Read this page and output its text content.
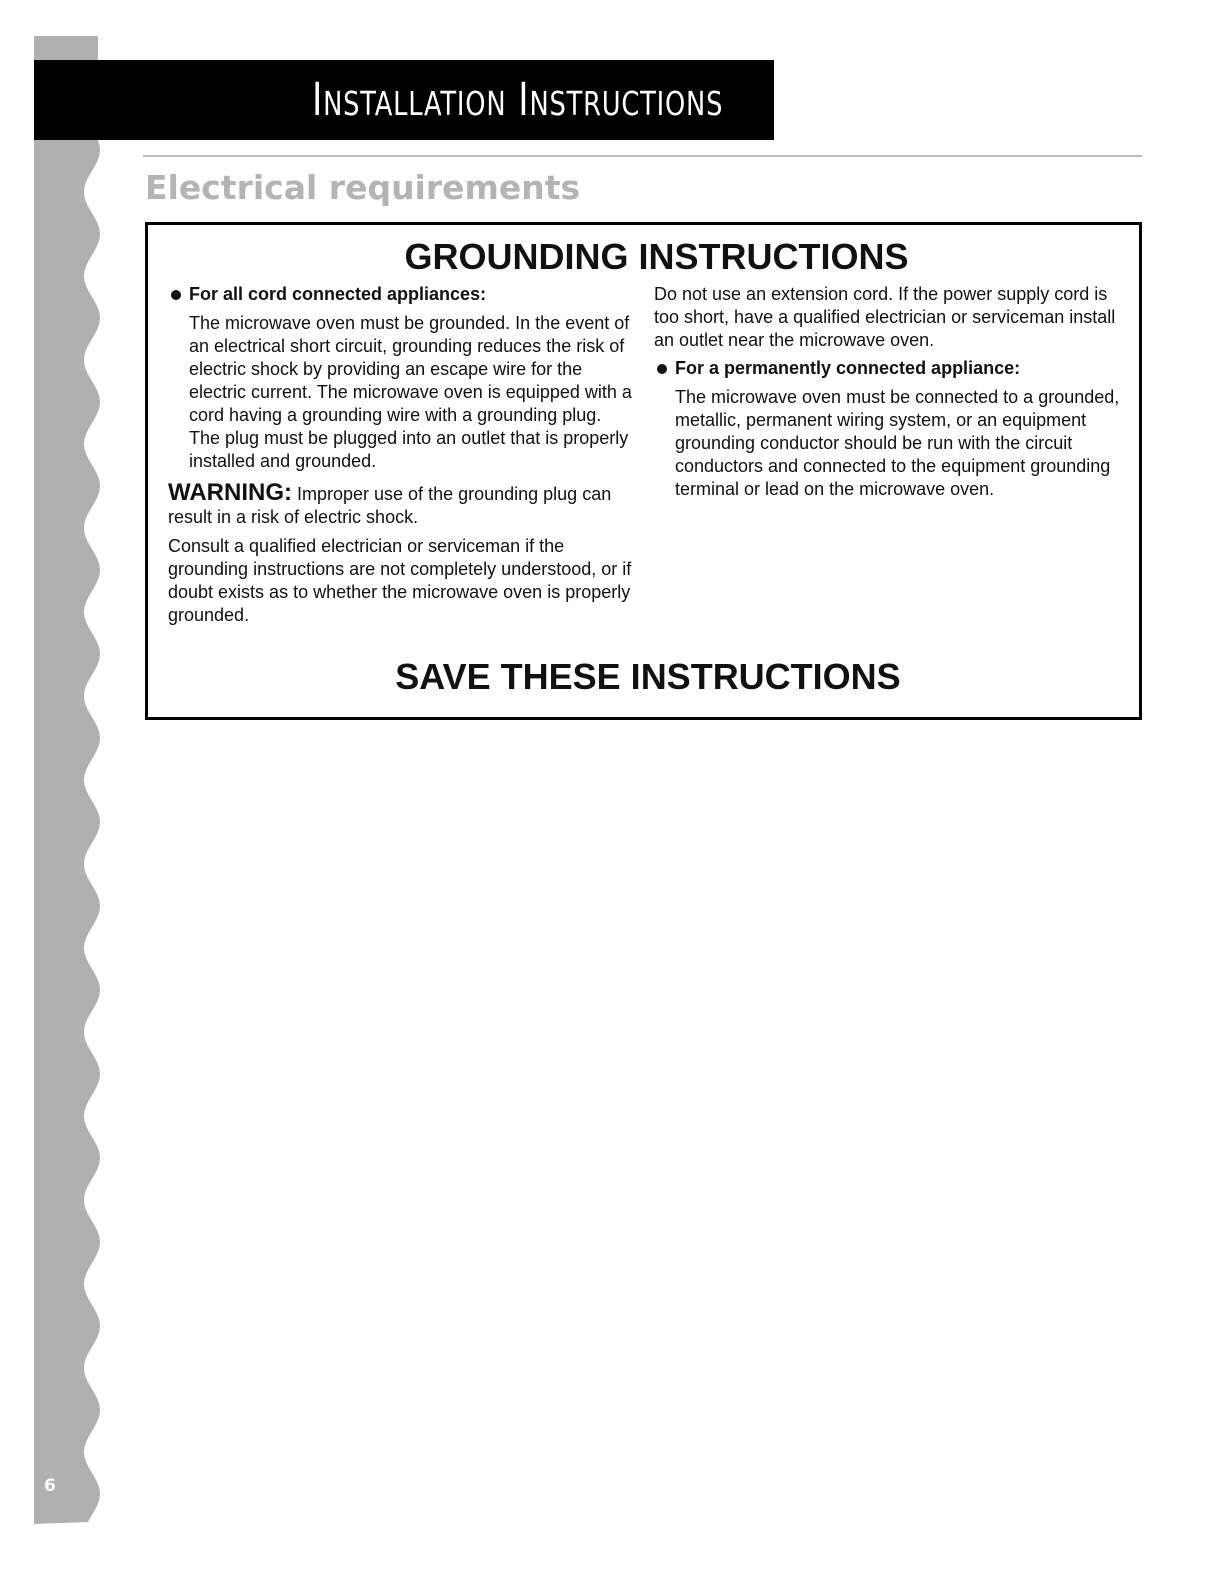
6
INSTALLATION INSTRUCTIONS
Electrical requirements
GROUNDING INSTRUCTIONS
For all cord connected appliances:
The microwave oven must be grounded. In the event of an electrical short circuit, grounding reduces the risk of electric shock by providing an escape wire for the electric current. The microwave oven is equipped with a cord having a grounding wire with a grounding plug. The plug must be plugged into an outlet that is properly installed and grounded.
WARNING: Improper use of the grounding plug can result in a risk of electric shock.
Consult a qualified electrician or serviceman if the grounding instructions are not completely understood, or if doubt exists as to whether the microwave oven is properly grounded.
Do not use an extension cord. If the power supply cord is too short, have a qualified electrician or serviceman install an outlet near the microwave oven.
For a permanently connected appliance:
The microwave oven must be connected to a grounded, metallic, permanent wiring system, or an equipment grounding conductor should be run with the circuit conductors and connected to the equipment grounding terminal or lead on the microwave oven.
SAVE THESE INSTRUCTIONS
